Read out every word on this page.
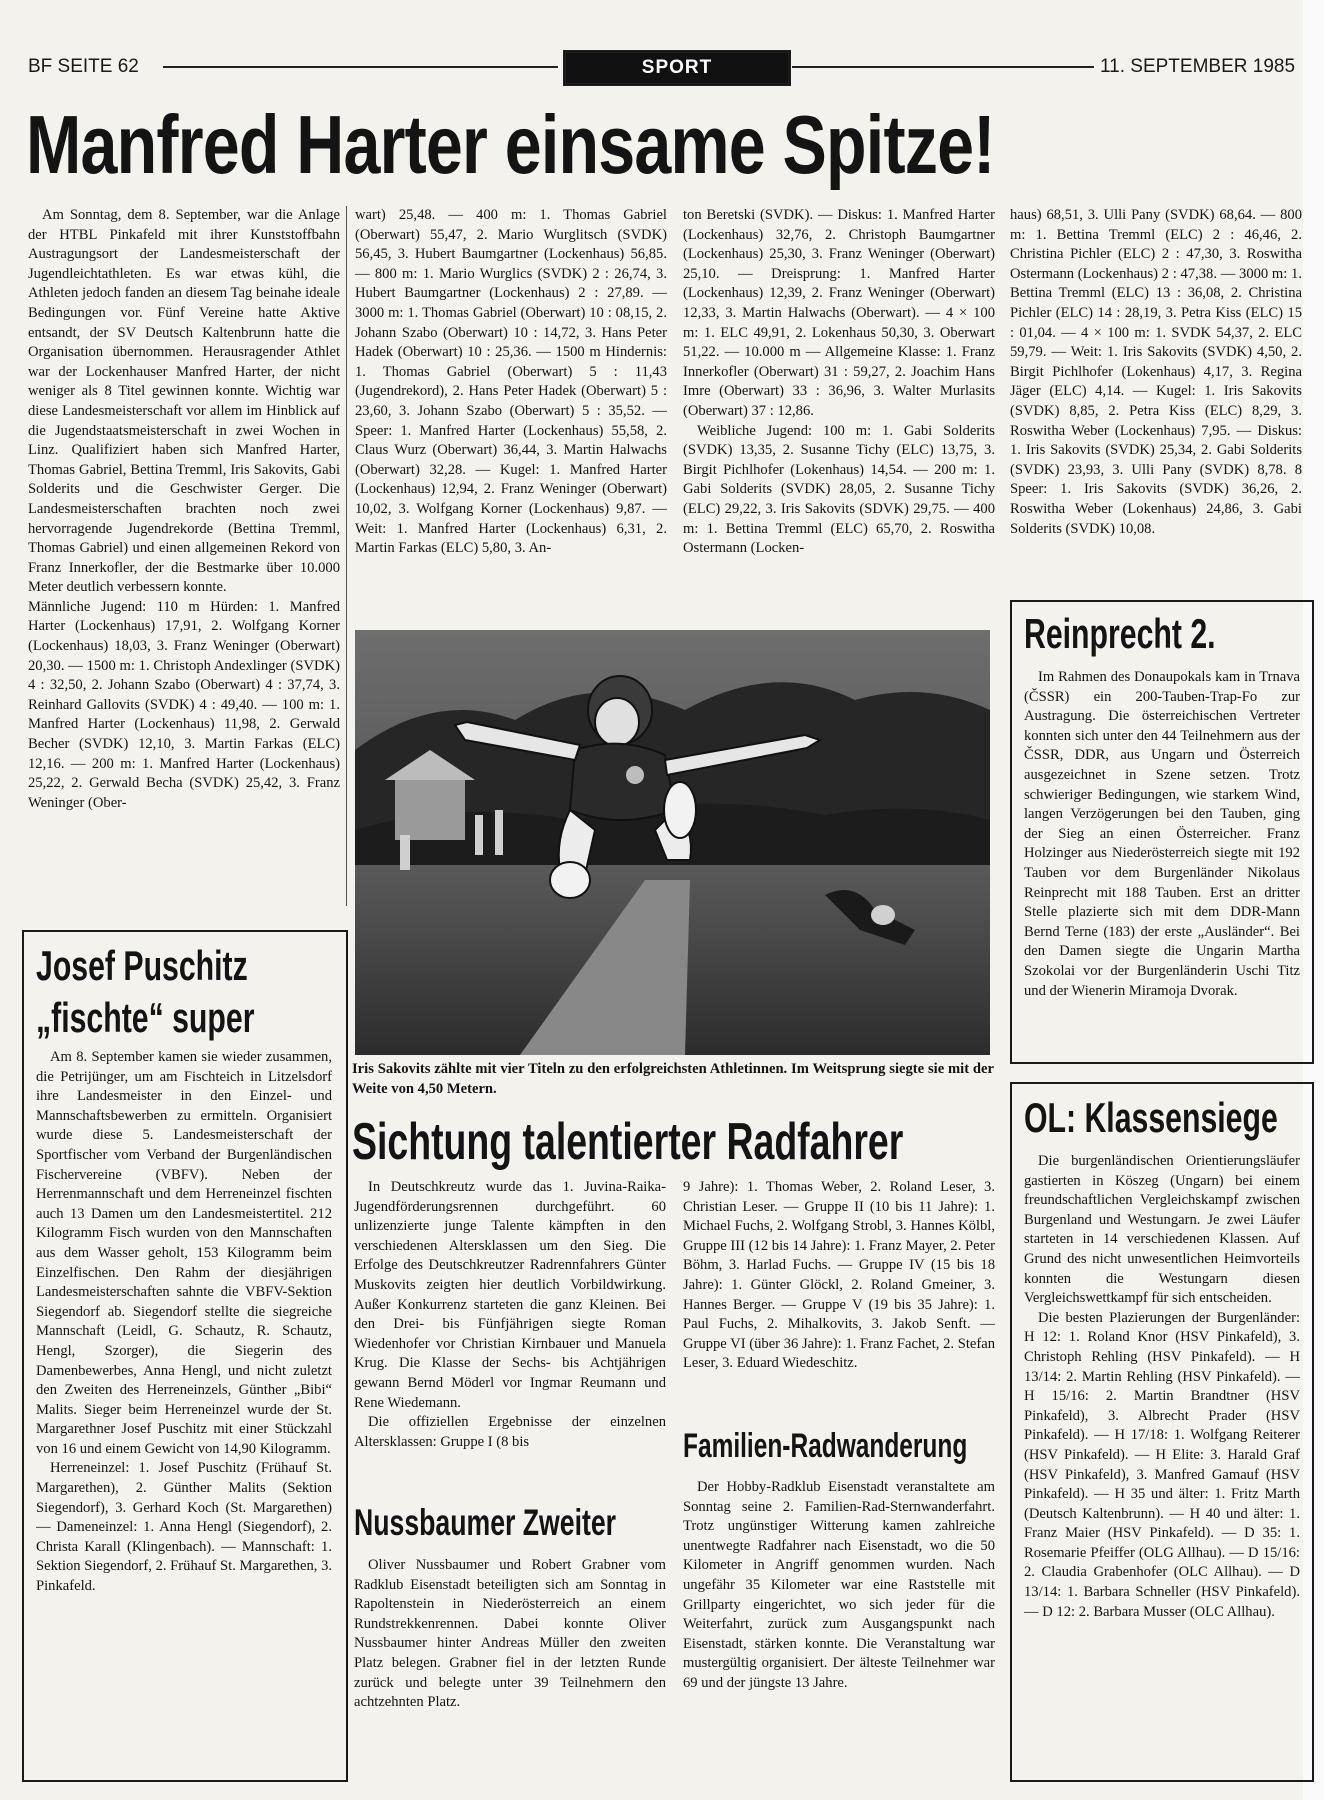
BF SEITE 62	SPORT	11. SEPTEMBER 1985
Manfred Harter einsame Spitze!

Am Sonntag, dem 8. September, war die Anlage der HTBL Pinkafeld mit ihrer Kunststoffbahn Austragungsort der Landesmeisterschaft der Jugendleichtathleten. Es war etwas kühl, die Athleten jedoch fanden an diesem Tag beinahe ideale Bedingungen vor. Fünf Vereine hatte Aktive entsandt, der SV Deutsch Kaltenbrunn hatte die Organisation übernommen. Herausragender Athlet war der Lockenhauser Manfred Harter, der nicht weniger als 8 Titel gewinnen konnte. Wichtig war diese Landesmeisterschaft vor allem im Hinblick auf die Jugendstaatsmeisterschaft in zwei Wochen in Linz. Qualifiziert haben sich Manfred Harter, Thomas Gabriel, Bettina Tremml, Iris Sakovits, Gabi Solderits und die Geschwister Gerger. Die Landesmeisterschaften brachten noch zwei hervorragende Jugendrekorde (Bettina Tremml, Thomas Gabriel) und einen allgemeinen Rekord von Franz Innerkofler, der die Bestmarke über 10.000 Meter deutlich verbessern konnte.

Männliche Jugend: 110 m Hürden: 1. Manfred Harter (Lockenhaus) 17,91, 2. Wolfgang Korner (Lockenhaus) 18,03, 3. Franz Weninger (Oberwart) 20,30. — 1500 m: 1. Christoph Andexlinger (SVDK) 4 : 32,50, 2. Johann Szabo (Oberwart) 4 : 37,74, 3. Reinhard Gallovits (SVDK) 4 : 49,40. — 100 m: 1. Manfred Harter (Lockenhaus) 11,98, 2. Gerwald Becher (SVDK) 12,10, 3. Martin Farkas (ELC) 12,16. — 200 m: 1. Manfred Harter (Lockenhaus) 25,22, 2. Gerwald Becha (SVDK) 25,42, 3. Franz Weninger (Ober-

wart) 25,48. — 400 m: 1. Thomas Gabriel (Oberwart) 55,47, 2. Mario Wurglitsch (SVDK) 56,45, 3. Hubert Baumgartner (Lockenhaus) 56,85. — 800 m: 1. Mario Wurglics (SVDK) 2 : 26,74, 3. Hubert Baumgartner (Lockenhaus) 2 : 27,89. — 3000 m: 1. Thomas Gabriel (Oberwart) 10 : 08,15, 2. Johann Szabo (Oberwart) 10 : 14,72, 3. Hans Peter Hadek (Oberwart) 10 : 25,36. — 1500 m Hindernis: 1. Thomas Gabriel (Oberwart) 5 : 11,43 (Jugendrekord), 2. Hans Peter Hadek (Oberwart) 5 : 23,60, 3. Johann Szabo (Oberwart) 5 : 35,52. — Speer: 1. Manfred Harter (Lockenhaus) 55,58, 2. Claus Wurz (Oberwart) 36,44, 3. Martin Halwachs (Oberwart) 32,28. — Kugel: 1. Manfred Harter (Lockenhaus) 12,94, 2. Franz Weninger (Oberwart) 10,02, 3. Wolfgang Korner (Lockenhaus) 9,87. — Weit: 1. Manfred Harter (Lockenhaus) 6,31, 2. Martin Farkas (ELC) 5,80, 3. An-

ton Beretski (SVDK). — Diskus: 1. Manfred Harter (Lockenhaus) 32,76, 2. Christoph Baumgartner (Lockenhaus) 25,30, 3. Franz Weninger (Oberwart) 25,10. — Dreisprung: 1. Manfred Harter (Lockenhaus) 12,39, 2. Franz Weninger (Oberwart) 12,33, 3. Martin Halwachs (Oberwart). — 4 × 100 m: 1. ELC 49,91, 2. Lokenhaus 50,30, 3. Oberwart 51,22. — 10.000 m — Allgemeine Klasse: 1. Franz Innerkofler (Oberwart) 31 : 59,27, 2. Joachim Hans Imre (Oberwart) 33 : 36,96, 3. Walter Murlasits (Oberwart) 37 : 12,86.

Weibliche Jugend: 100 m: 1. Gabi Solderits (SVDK) 13,35, 2. Susanne Tichy (ELC) 13,75, 3. Birgit Pichlhofer (Lokenhaus) 14,54. — 200 m: 1. Gabi Solderits (SVDK) 28,05, 2. Susanne Tichy (ELC) 29,22, 3. Iris Sakovits (SDVK) 29,75. — 400 m: 1. Bettina Tremml (ELC) 65,70, 2. Roswitha Ostermann (Locken-

haus) 68,51, 3. Ulli Pany (SVDK) 68,64. — 800 m: 1. Bettina Tremml (ELC) 2 : 46,46, 2. Christina Pichler (ELC) 2 : 47,30, 3. Roswitha Ostermann (Lockenhaus) 2 : 47,38. — 3000 m: 1. Bettina Tremml (ELC) 13 : 36,08, 2. Christina Pichler (ELC) 14 : 28,19, 3. Petra Kiss (ELC) 15 : 01,04. — 4 × 100 m: 1. SVDK 54,37, 2. ELC 59,79. — Weit: 1. Iris Sakovits (SVDK) 4,50, 2. Birgit Pichlhofer (Lokenhaus) 4,17, 3. Regina Jäger (ELC) 4,14. — Kugel: 1. Iris Sakovits (SVDK) 8,85, 2. Petra Kiss (ELC) 8,29, 3. Roswitha Weber (Lockenhaus) 7,95. — Diskus: 1. Iris Sakovits (SVDK) 25,34, 2. Gabi Solderits (SVDK) 23,93, 3. Ulli Pany (SVDK) 8,78. 8 Speer: 1. Iris Sakovits (SVDK) 36,26, 2. Roswitha Weber (Lokenhaus) 24,86, 3. Gabi Solderits (SVDK) 10,08.

Iris Sakovits zählte mit vier Titeln zu den erfolgreichsten Athletinnen. Im Weitsprung siegte sie mit der Weite von 4,50 Metern.
Josef Puschitz
„fischte“ super

Am 8. September kamen sie wieder zusammen, die Petrijünger, um am Fischteich in Litzelsdorf ihre Landesmeister in den Einzel- und Mannschaftsbewerben zu ermitteln. Organisiert wurde diese 5. Landesmeisterschaft der Sportfischer vom Verband der Burgenländischen Fischervereine (VBFV). Neben der Herrenmannschaft und dem Herreneinzel fischten auch 13 Damen um den Landesmeistertitel. 212 Kilogramm Fisch wurden von den Mannschaften aus dem Wasser geholt, 153 Kilogramm beim Einzelfischen. Den Rahm der diesjährigen Landesmeisterschaften sahnte die VBFV-Sektion Siegendorf ab. Siegendorf stellte die siegreiche Mannschaft (Leidl, G. Schautz, R. Schautz, Hengl, Szorger), die Siegerin des Damenbewerbes, Anna Hengl, und nicht zuletzt den Zweiten des Herreneinzels, Günther „Bibi“ Malits. Sieger beim Herreneinzel wurde der St. Margarethner Josef Puschitz mit einer Stückzahl von 16 und einem Gewicht von 14,90 Kilogramm.

Herreneinzel: 1. Josef Puschitz (Frühauf St. Margarethen), 2. Günther Malits (Sektion Siegendorf), 3. Gerhard Koch (St. Margarethen) — Dameneinzel: 1. Anna Hengl (Siegendorf), 2. Christa Karall (Klingenbach). — Mannschaft: 1. Sektion Siegendorf, 2. Frühauf St. Margarethen, 3. Pinkafeld.

Reinprecht 2.

Im Rahmen des Donaupokals kam in Trnava (ČSSR) ein 200-Tauben-Trap-Fo zur Austragung. Die österreichischen Vertreter konnten sich unter den 44 Teilnehmern aus der ČSSR, DDR, aus Ungarn und Österreich ausgezeichnet in Szene setzen. Trotz schwieriger Bedingungen, wie starkem Wind, langen Verzögerungen bei den Tauben, ging der Sieg an einen Österreicher. Franz Holzinger aus Niederösterreich siegte mit 192 Tauben vor dem Burgenländer Nikolaus Reinprecht mit 188 Tauben. Erst an dritter Stelle plazierte sich mit dem DDR-Mann Bernd Terne (183) der erste „Ausländer“. Bei den Damen siegte die Ungarin Martha Szokolai vor der Burgenländerin Uschi Titz und der Wienerin Miramoja Dvorak.

OL: Klassensiege

Die burgenländischen Orientierungsläufer gastierten in Köszeg (Ungarn) bei einem freundschaftlichen Vergleichskampf zwischen Burgenland und Westungarn. Je zwei Läufer starteten in 14 verschiedenen Klassen. Auf Grund des nicht unwesentlichen Heimvorteils konnten die Westungarn diesen Vergleichswettkampf für sich entscheiden.

Die besten Plazierungen der Burgenländer: H 12: 1. Roland Knor (HSV Pinkafeld), 3. Christoph Rehling (HSV Pinkafeld). — H 13/14: 2. Martin Rehling (HSV Pinkafeld). — H 15/16: 2. Martin Brandtner (HSV Pinkafeld), 3. Albrecht Prader (HSV Pinkafeld). — H 17/18: 1. Wolfgang Reiterer (HSV Pinkafeld). — H Elite: 3. Harald Graf (HSV Pinkafeld), 3. Manfred Gamauf (HSV Pinkafeld). — H 35 und älter: 1. Fritz Marth (Deutsch Kaltenbrunn). — H 40 und älter: 1. Franz Maier (HSV Pinkafeld). — D 35: 1. Rosemarie Pfeiffer (OLG Allhau). — D 15/16: 2. Claudia Grabenhofer (OLC Allhau). — D 13/14: 1. Barbara Schneller (HSV Pinkafeld). — D 12: 2. Barbara Musser (OLC Allhau).

Sichtung talentierter Radfahrer

In Deutschkreutz wurde das 1. Juvina-Raika-Jugendförderungsrennen durchgeführt. 60 unlizenzierte junge Talente kämpften in den verschiedenen Altersklassen um den Sieg. Die Erfolge des Deutschkreutzer Radrennfahrers Günter Muskovits zeigten hier deutlich Vorbildwirkung. Außer Konkurrenz starteten die ganz Kleinen. Bei den Drei- bis Fünfjährigen siegte Roman Wiedenhofer vor Christian Kirnbauer und Manuela Krug. Die Klasse der Sechs- bis Achtjährigen gewann Bernd Möderl vor Ingmar Reumann und Rene Wiedemann.

Die offiziellen Ergebnisse der einzelnen Altersklassen: Gruppe I (8 bis

9 Jahre): 1. Thomas Weber, 2. Roland Leser, 3. Christian Leser. — Gruppe II (10 bis 11 Jahre): 1. Michael Fuchs, 2. Wolfgang Strobl, 3. Hannes Kölbl, Gruppe III (12 bis 14 Jahre): 1. Franz Mayer, 2. Peter Böhm, 3. Harlad Fuchs. — Gruppe IV (15 bis 18 Jahre): 1. Günter Glöckl, 2. Roland Gmeiner, 3. Hannes Berger. — Gruppe V (19 bis 35 Jahre): 1. Paul Fuchs, 2. Mihalkovits, 3. Jakob Senft. — Gruppe VI (über 36 Jahre): 1. Franz Fachet, 2. Stefan Leser, 3. Eduard Wiedeschitz.

Nussbaumer Zweiter

Oliver Nussbaumer und Robert Grabner vom Radklub Eisenstadt beteiligten sich am Sonntag in Rapoltenstein in Niederösterreich an einem Rundstrekkenrennen. Dabei konnte Oliver Nussbaumer hinter Andreas Müller den zweiten Platz belegen. Grabner fiel in der letzten Runde zurück und belegte unter 39 Teilnehmern den achtzehnten Platz.

Familien-Radwanderung

Der Hobby-Radklub Eisenstadt veranstaltete am Sonntag seine 2. Familien-Rad-Sternwanderfahrt. Trotz ungünstiger Witterung kamen zahlreiche unentwegte Radfahrer nach Eisenstadt, wo die 50 Kilometer in Angriff genommen wurden. Nach ungefähr 35 Kilometer war eine Raststelle mit Grillparty eingerichtet, wo sich jeder für die Weiterfahrt, zurück zum Ausgangspunkt nach Eisenstadt, stärken konnte. Die Veranstaltung war mustergültig organisiert. Der älteste Teilnehmer war 69 und der jüngste 13 Jahre.
